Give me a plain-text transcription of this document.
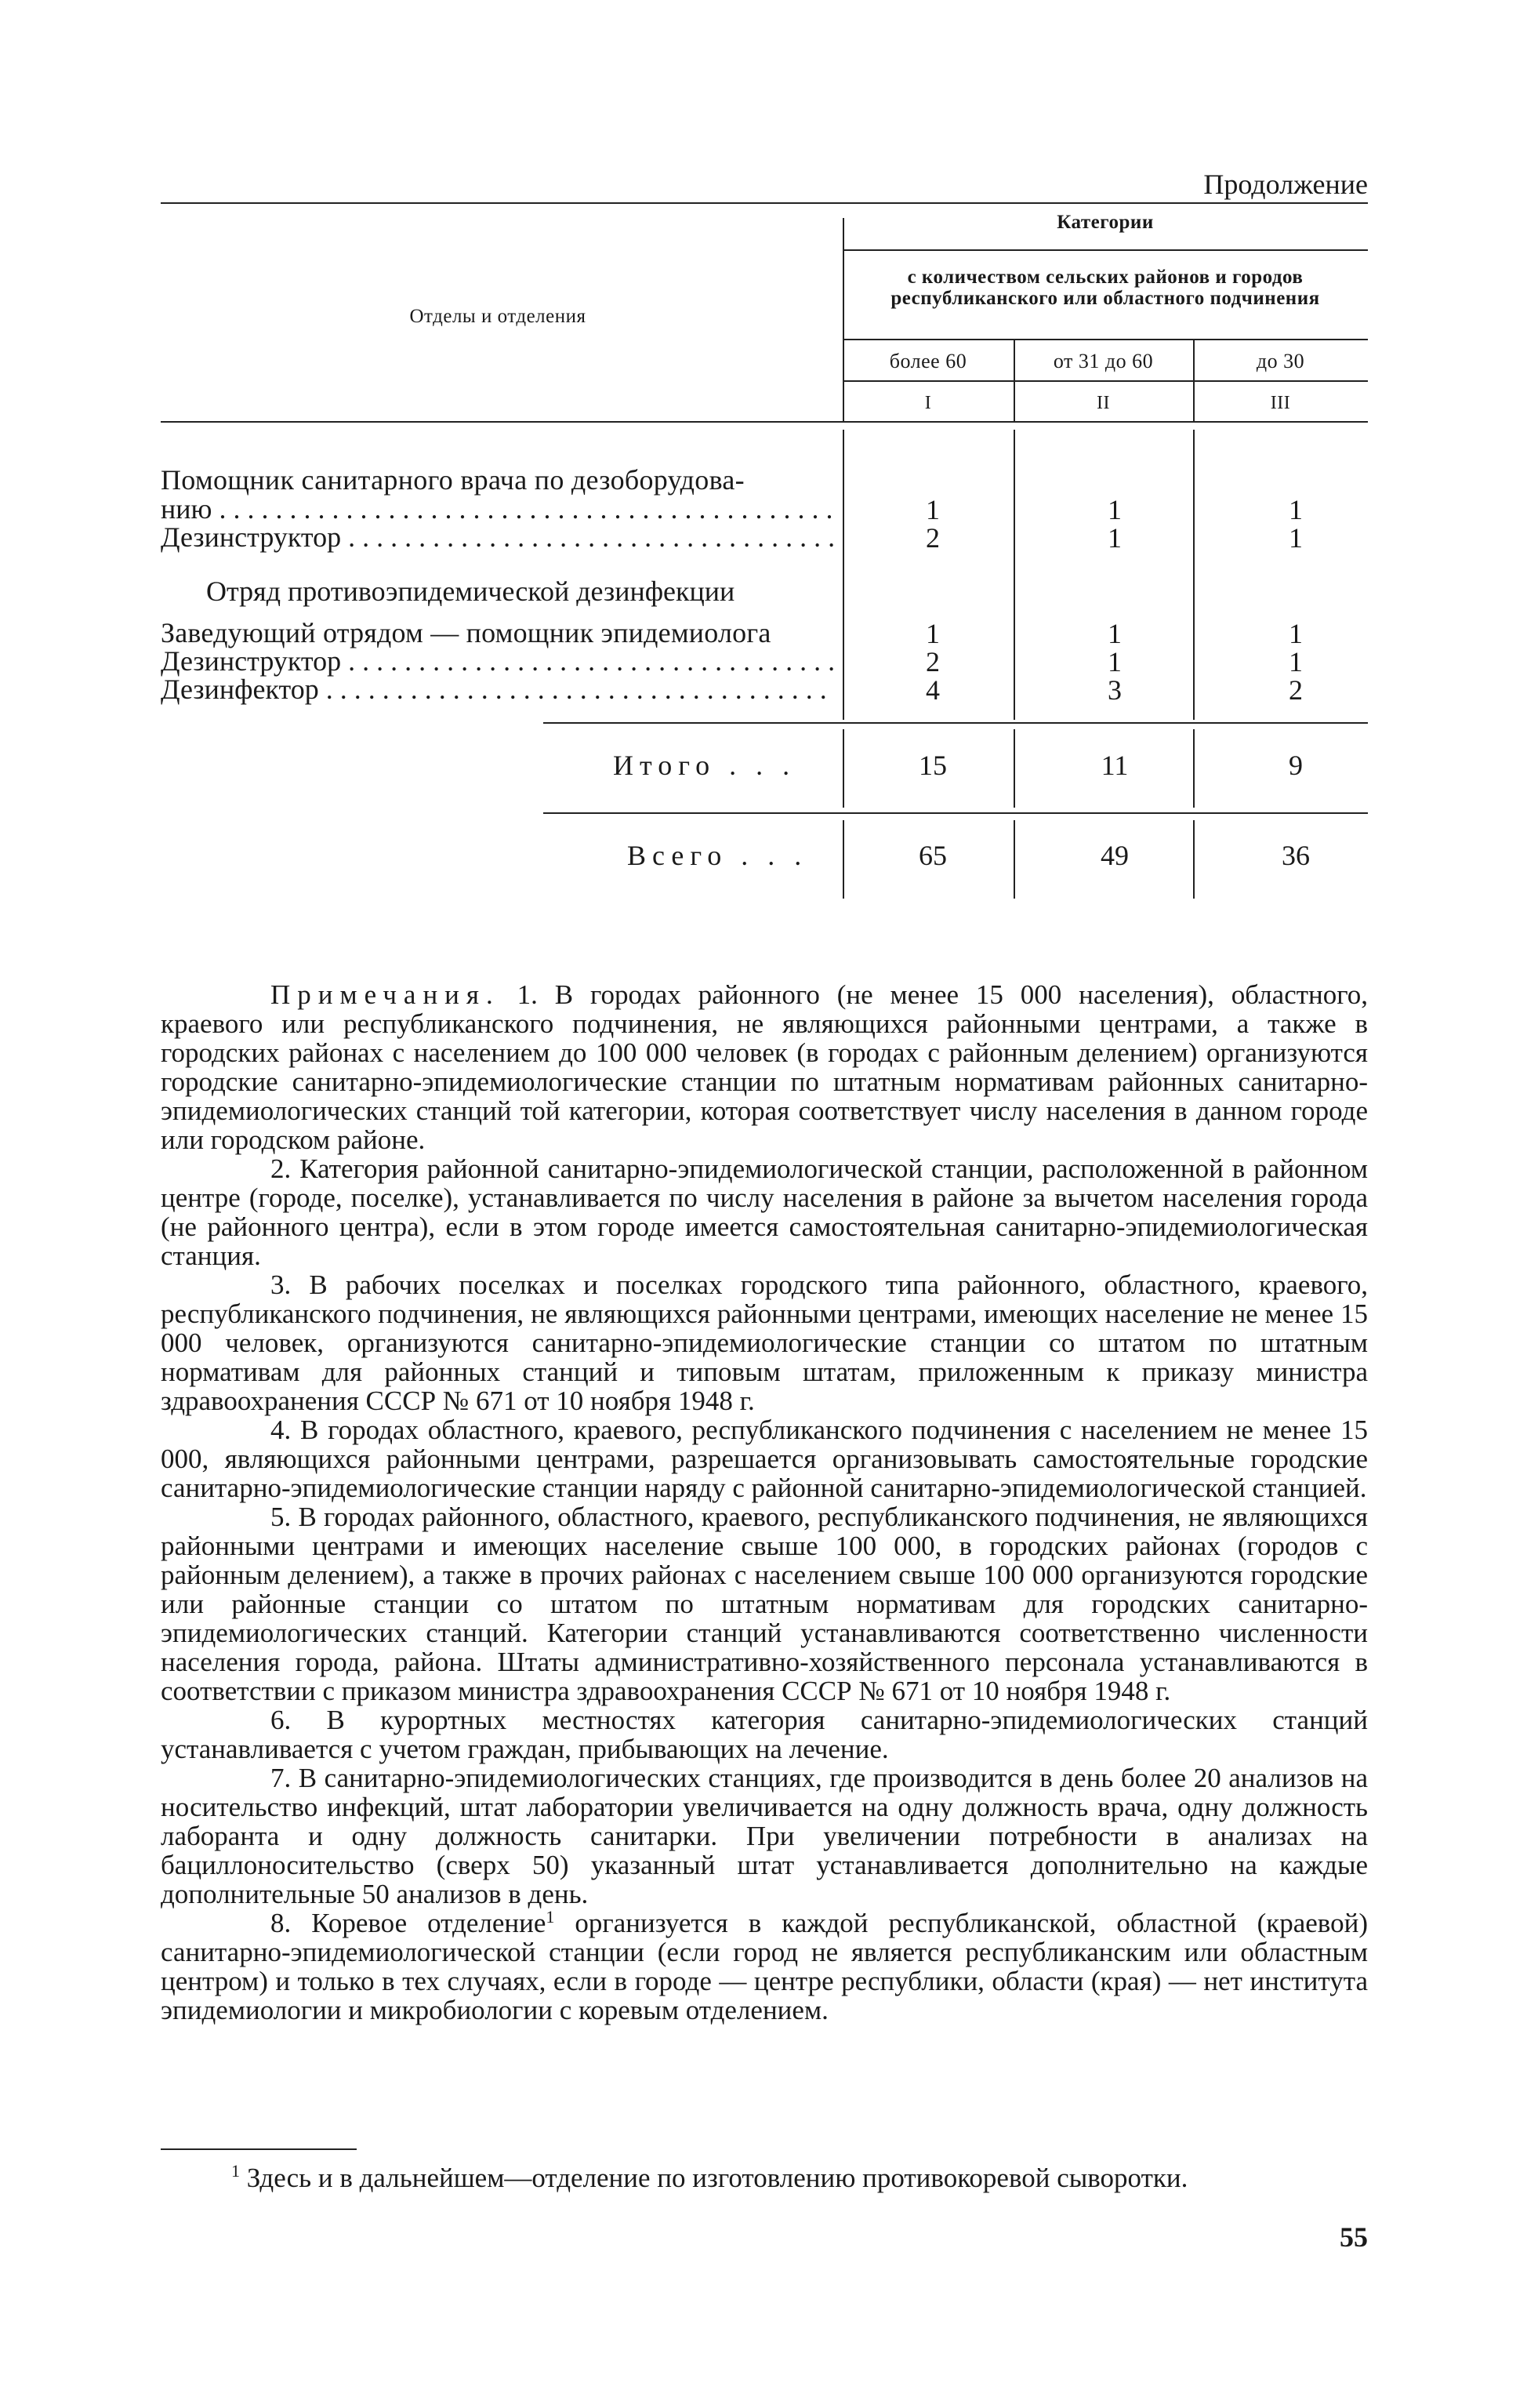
Продолжение
Отделы и отделения
Категории
с количеством сельских районов и городов республиканского или областного подчинения
более 60	от 31 до 60	до 30
I	II	III
Помощник санитарного врача по дезоборудова-
нию . . .	1	1	1
Дезинструктор . . .	2	1	1
Отряд противоэпидемической дезинфекции
Заведующий отрядом — помощник эпидемиолога	1	1	1
Дезинструктор . . .	2	1	1
Дезинфектор . . .	4	3	2
Итого . . .	15	11	9
Всего . . .	65	49	36

Примечания. 1. В городах районного (не менее 15 000 населения), областного, краевого или республиканского подчинения, не являющихся районными центрами, а также в городских районах с населением до 100 000 человек (в городах с районным делением) организуются городские санитарно-эпидемиологические станции по штатным нормативам районных санитарно-эпидемиологических станций той категории, которая соответствует числу населения в данном городе или городском районе.

2. Категория районной санитарно-эпидемиологической станции, расположенной в районном центре (городе, поселке), устанавливается по числу населения в районе за вычетом населения города (не районного центра), если в этом городе имеется самостоятельная санитарно-эпидемиологическая станция.

3. В рабочих поселках и поселках городского типа районного, областного, краевого, республиканского подчинения, не являющихся районными центрами, имеющих население не менее 15 000 человек, организуются санитарно-эпидемиологические станции со штатом по штатным нормативам для районных станций и типовым штатам, приложенным к приказу министра здравоохранения СССР № 671 от 10 ноября 1948 г.

4. В городах областного, краевого, республиканского подчинения с населением не менее 15 000, являющихся районными центрами, разрешается организовывать самостоятельные городские санитарно-эпидемиологические станции наряду с районной санитарно-эпидемиологической станцией.

5. В городах районного, областного, краевого, республиканского подчинения, не являющихся районными центрами и имеющих население свыше 100 000, в городских районах (городов с районным делением), а также в прочих районах с населением свыше 100 000 организуются городские или районные станции со штатом по штатным нормативам для городских санитарно-эпидемиологических станций. Категории станций устанавливаются соответственно численности населения города, района. Штаты административно-хозяйственного персонала устанавливаются в соответствии с приказом министра здравоохранения СССР № 671 от 10 ноября 1948 г.

6. В курортных местностях категория санитарно-эпидемиологических станций устанавливается с учетом граждан, прибывающих на лечение.

7. В санитарно-эпидемиологических станциях, где производится в день более 20 анализов на носительство инфекций, штат лаборатории увеличивается на одну должность врача, одну должность лаборанта и одну должность санитарки. При увеличении потребности в анализах на бациллоносительство (сверх 50) указанный штат устанавливается дополнительно на каждые дополнительные 50 анализов в день.

8. Коревое отделение$^1$ организуется в каждой республиканской, областной (краевой) санитарно-эпидемиологической станции (если город не является республиканским или областным центром) и только в тех случаях, если в городе — центре республики, области (края) — нет института эпидемиологии и микробиологии с коревым отделением.

$^1$ Здесь и в дальнейшем—отделение по изготовлению противокоревой сыворотки.
55
